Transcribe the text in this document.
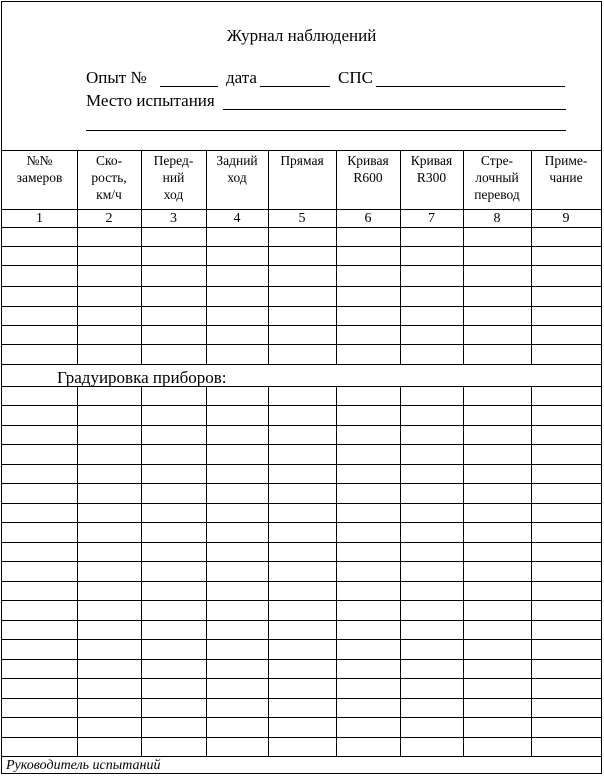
Журнал наблюдений
Опыт №	дата	СПС
Место испытания
Градуировка приборов:
Руководитель испытаний
№№
замеров
1
Ско-
рость,
км/ч
2
Перед-
ний
ход
3
Задний
ход
4
Прямая
5
Кривая
R600
6
Кривая
R300
7
Стре-
лочный
перевод
8
Приме-
чание
9
